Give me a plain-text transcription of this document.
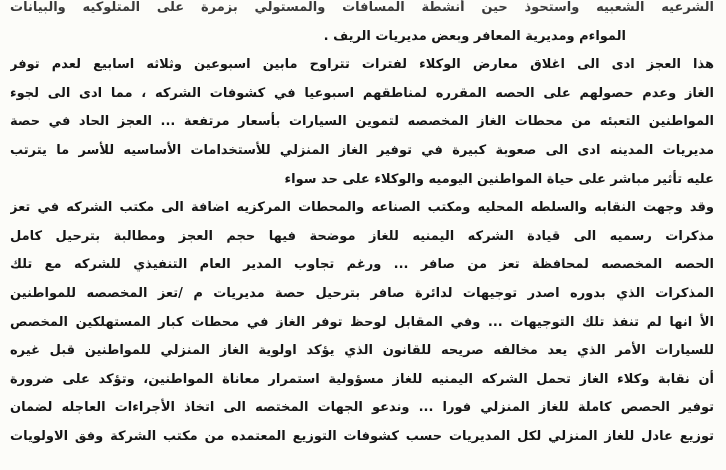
الشرعيه الشعبيه واستحوذ حين أنشطة المسافات والمستولي بزمرة على المتلوكيه والبيانات
المواءم ومديرية المعافر وبعض مديريات الريف .
هذا العجز ادى الى اغلاق معارض الوكلاء لفترات تتراوح مابين اسبوعين وثلاثه اسابيع لعدم توفر
الغاز وعدم حصولهم على الحصه المقرره لمناطقهم اسبوعيا في كشوفات الشركه ، مما ادى الى لجوء
المواطنين التعبئه من محطات الغاز المخصصه لتموين السيارات بأسعار مرتفعة ... العجز الحاد في حصة
مديريات المدينه ادى الى صعوبة كبيرة في توفير الغاز المنزلي للأستخدامات الأساسيه للأسر ما يترتب
عليه تأثير مباشر على حياة المواطنين اليوميه والوكلاء على حد سواء
وقد وجهت النقابه والسلطه المحليه ومكتب الصناعه والمحطات المركزيه اضافة الى مكتب الشركه في تعز
مذكرات رسميه الى قيادة الشركه اليمنيه للغاز موضحة فيها حجم العجز ومطالبة بترحيل كامل
الحصه المخصصه لمحافظة تعز من صافر ... ورغم تجاوب المدير العام التنفيذي للشركه مع تلك
المذكرات الذي بدوره اصدر توجيهات لدائرة صافر بترحيل حصة مديريات م /تعز المخصصه للمواطنين
الأ انها لم تنفذ تلك التوجيهات ... وفي المقابل لوحظ توفر الغاز في محطات كبار المستهلكين المخصص
للسيارات الأمر الذي يعد مخالفه صريحه للقانون الذي يؤكد اولوية الغاز المنزلي للمواطنين قبل غيره
أن نقابة وكلاء الغاز تحمل الشركه اليمنيه للغاز مسؤولية استمرار معاناة المواطنين، وتؤكد على ضرورة
توفير الحصص كاملة للغاز المنزلي فورا ... وندعو الجهات المختصه الى اتخاذ الأجراءات العاجله لضمان
توزيع عادل للغاز المنزلي لكل المديريات حسب كشوفات التوزيع المعتمده من مكتب الشركة وفق الاولويات
